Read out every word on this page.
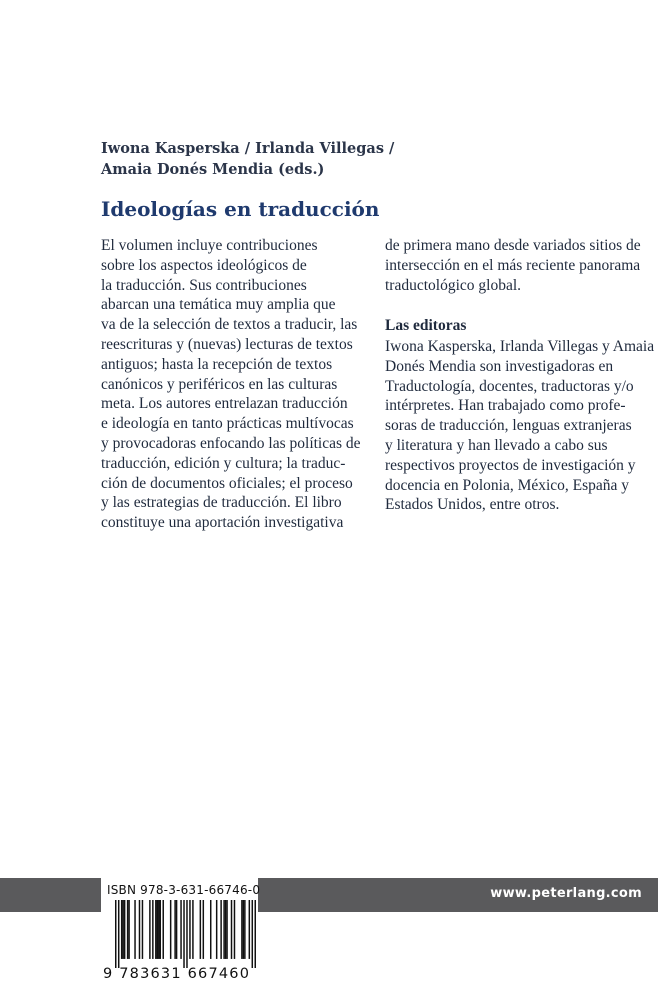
Iwona Kasperska / Irlanda Villegas /
Amaia Donés Mendia (eds.)
Ideologías en traducción
El volumen incluye contribuciones
sobre los aspectos ideológicos de
la traducción. Sus contribuciones
abarcan una temática muy amplia que
va de la selección de textos a traducir, las
reescrituras y (nuevas) lecturas de textos
antiguos; hasta la recepción de textos
canónicos y periféricos en las culturas
meta. Los autores entrelazan traducción
e ideología en tanto prácticas multívocas
y provocadoras enfocando las políticas de
traducción, edición y cultura; la traduc-
ción de documentos oficiales; el proceso
y las estrategias de traducción. El libro
constituye una aportación investigativa
de primera mano desde variados sitios de
intersección en el más reciente panorama
traductológico global.
Las editoras
Iwona Kasperska, Irlanda Villegas y Amaia
Donés Mendia son investigadoras en
Traductología, docentes, traductoras y/o
intérpretes. Han trabajado como profe-
soras de traducción, lenguas extranjeras
y literatura y han llevado a cabo sus
respectivos proyectos de investigación y
docencia en Polonia, México, España y
Estados Unidos, entre otros.
www.peterlang.com
ISBN 978-3-631-66746-0
9 783631 667460
